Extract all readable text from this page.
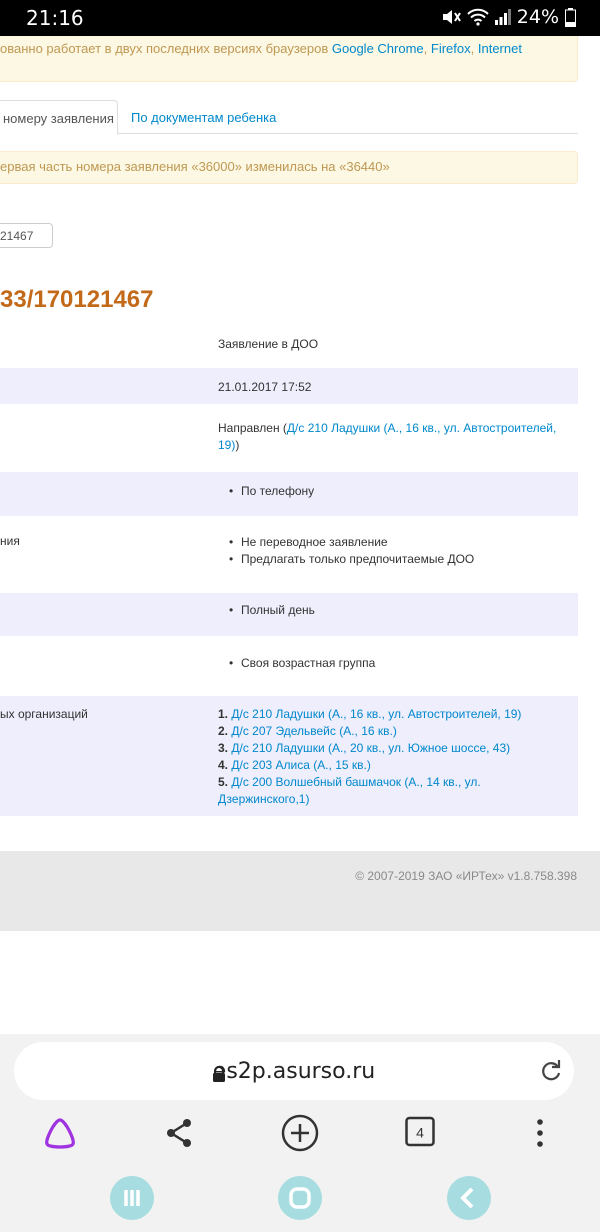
21:16	24%
ованно работает в двух последних версиях браузеров Google Chrome, Firefox, Internet
номеру заявления	По документам ребенка
ервая часть номера заявления «36000» изменилась на «36440»
21467
33/170121467
Заявление в ДОО
21.01.2017 17:52
Направлен (Д/с 210 Ладушки (А., 16 кв., ул. Автостроителей, 19))
• По телефону
ния
•	Не переводное заявление
• Предлагать только предпочитаемые ДОО
• Полный день
• Своя возрастная группа
ых организаций	1. Д/с 210 Ладушки (А., 16 кв., ул. Автостроителей, 19)
2. Д/с 207 Эдельвейс (А., 16 кв.)
3. Д/с 210 Ладушки (А., 20 кв., ул. Южное шоссе, 43)
4. Д/с 203 Алиса (А., 15 кв.)
5. Д/с 200 Волшебный башмачок (А., 14 кв., ул. Дзержинского,1)
© 2007-2019 ЗАО «ИРТех» v1.8.758.398
es2p.asurso.ru
4
